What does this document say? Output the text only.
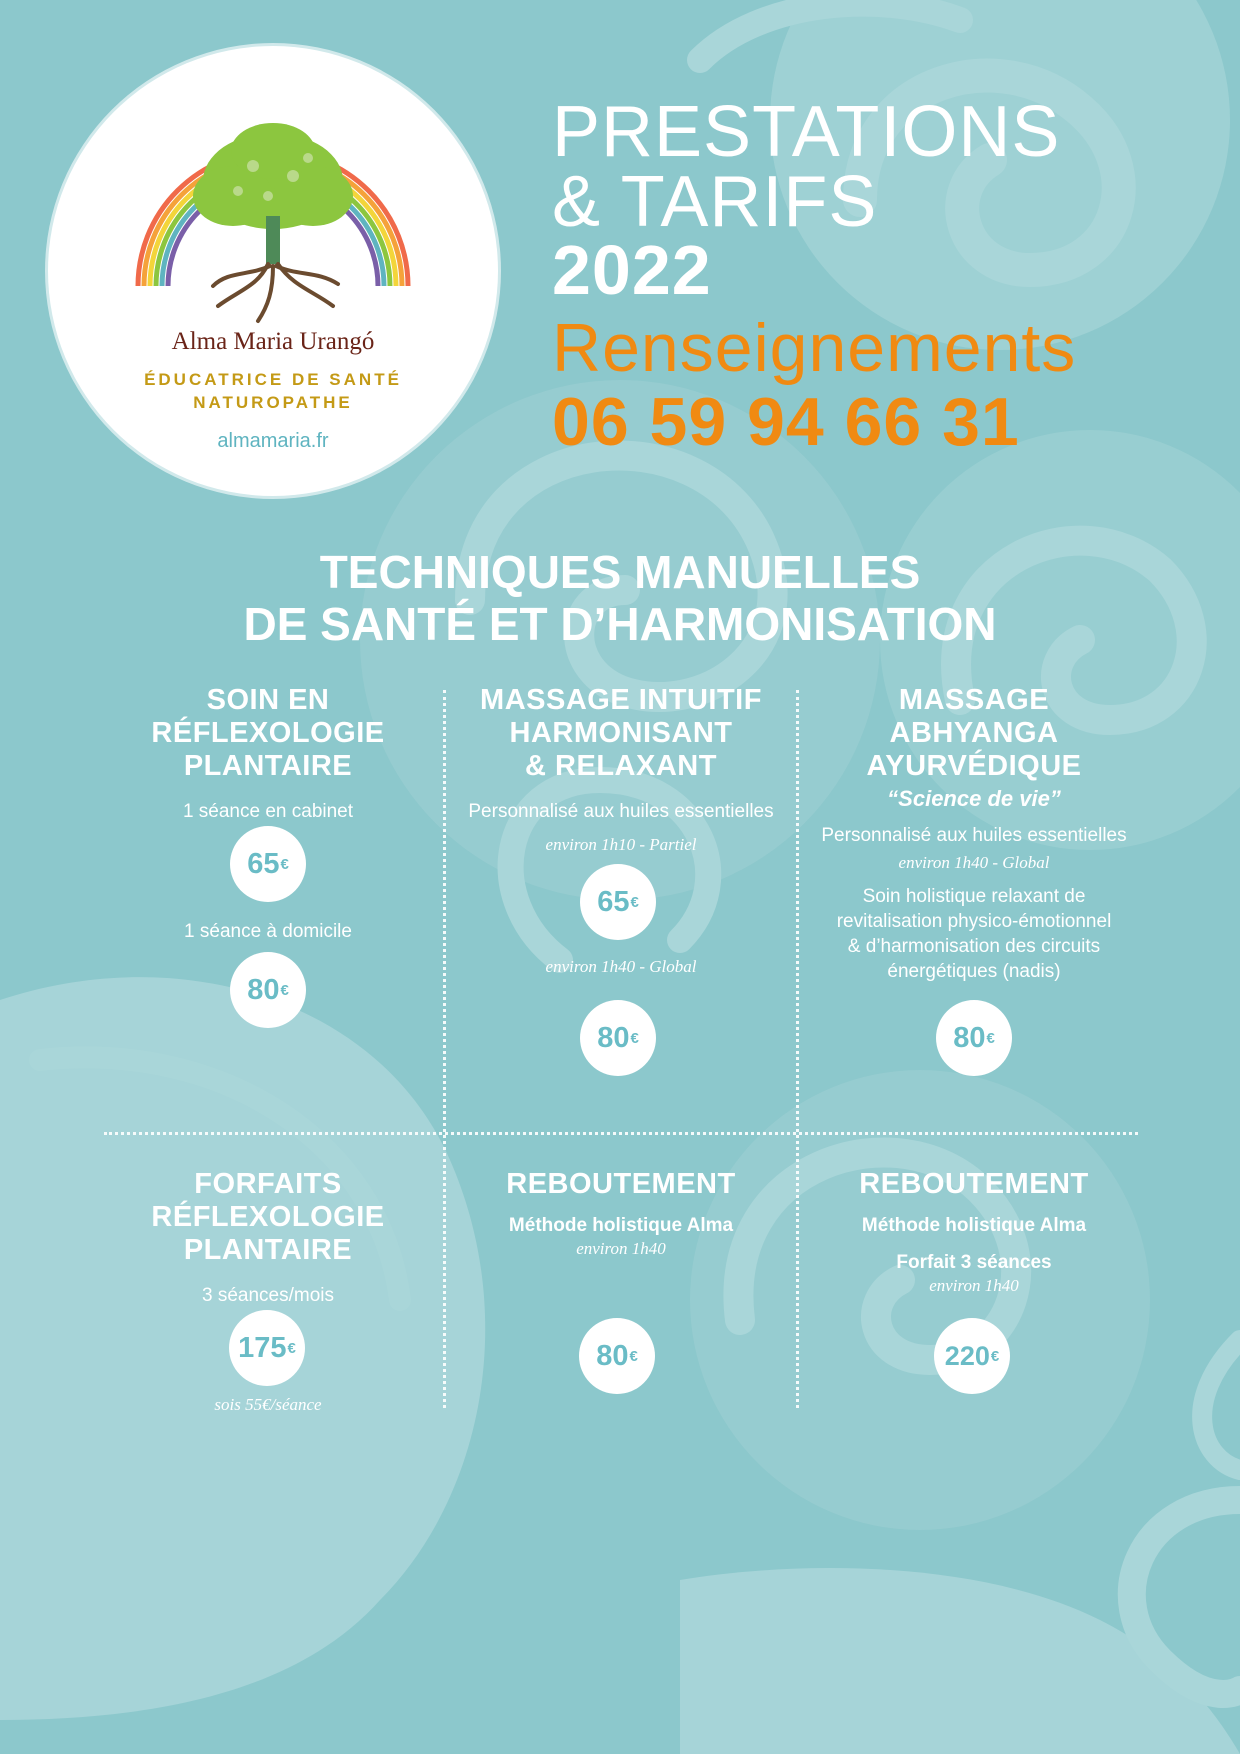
Alma Maria Urangó
ÉDUCATRICE DE SANTÉ
NATUROPATHE
almamaria.fr
PRESTATIONS
& TARIFS
2022
Renseignements
06 59 94 66 31
TECHNIQUES MANUELLES
DE SANTÉ ET D’HARMONISATION
SOIN EN
RÉFLEXOLOGIE
PLANTAIRE
1 séance en cabinet
65 €
1 séance à domicile
80 €
MASSAGE INTUITIF
HARMONISANT
& RELAXANT
Personnalisé aux huiles essentielles
environ 1h10 - Partiel
65 €
environ 1h40 - Global
80 €
MASSAGE
ABHYANGA
AYURVÉDIQUE
“Science de vie”
Personnalisé aux huiles essentielles
environ 1h40 - Global
Soin holistique relaxant de
revitalisation physico-émotionnel
& d’harmonisation des circuits
énergétiques (nadis)
80 €
FORFAITS
RÉFLEXOLOGIE
PLANTAIRE
3 séances/mois
175 €
sois 55€/séance
REBOUTEMENT
Méthode holistique Alma
environ 1h40
80 €
REBOUTEMENT
Méthode holistique Alma
Forfait 3 séances
environ 1h40
220 €
